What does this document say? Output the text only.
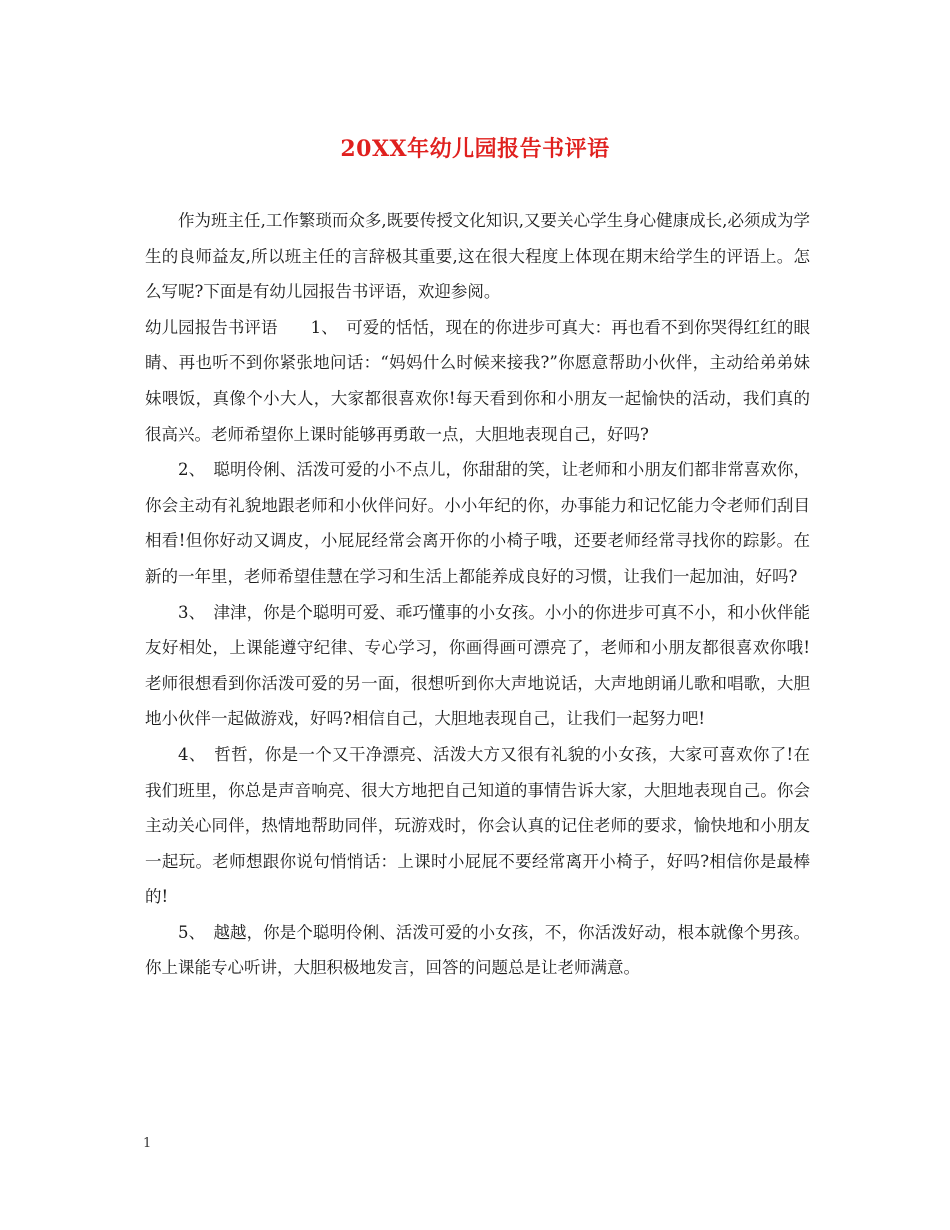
20XX年幼儿园报告书评语

作为班主任,工作繁琐而众多,既要传授文化知识,又要关心学生身心健康成长,必须成为学生的良师益友,所以班主任的言辞极其重要,这在很大程度上体现在期末给学生的评语上。怎么写呢?下面是有幼儿园报告书评语，欢迎参阅。

幼儿园报告书评语　　1、　可爱的恬恬，现在的你进步可真大：再也看不到你哭得红红的眼睛、再也听不到你紧张地问话：“妈妈什么时候来接我?”你愿意帮助小伙伴，主动给弟弟妹妹喂饭，真像个小大人，大家都很喜欢你!每天看到你和小朋友一起愉快的活动，我们真的很高兴。老师希望你上课时能够再勇敢一点，大胆地表现自己，好吗?

2、　聪明伶俐、活泼可爱的小不点儿，你甜甜的笑，让老师和小朋友们都非常喜欢你，你会主动有礼貌地跟老师和小伙伴问好。小小年纪的你，办事能力和记忆能力令老师们刮目相看!但你好动又调皮，小屁屁经常会离开你的小椅子哦，还要老师经常寻找你的踪影。在新的一年里，老师希望佳慧在学习和生活上都能养成良好的习惯，让我们一起加油，好吗?

3、　津津，你是个聪明可爱、乖巧懂事的小女孩。小小的你进步可真不小，和小伙伴能友好相处，上课能遵守纪律、专心学习，你画得画可漂亮了，老师和小朋友都很喜欢你哦!老师很想看到你活泼可爱的另一面，很想听到你大声地说话，大声地朗诵儿歌和唱歌，大胆地小伙伴一起做游戏，好吗?相信自己，大胆地表现自己，让我们一起努力吧!

4、　哲哲，你是一个又干净漂亮、活泼大方又很有礼貌的小女孩，大家可喜欢你了!在我们班里，你总是声音响亮、很大方地把自己知道的事情告诉大家，大胆地表现自己。你会主动关心同伴，热情地帮助同伴，玩游戏时，你会认真的记住老师的要求，愉快地和小朋友一起玩。老师想跟你说句悄悄话：上课时小屁屁不要经常离开小椅子，好吗?相信你是最棒的!

5、　越越，你是个聪明伶俐、活泼可爱的小女孩，不，你活泼好动，根本就像个男孩。你上课能专心听讲，大胆积极地发言，回答的问题总是让老师满意。

1
